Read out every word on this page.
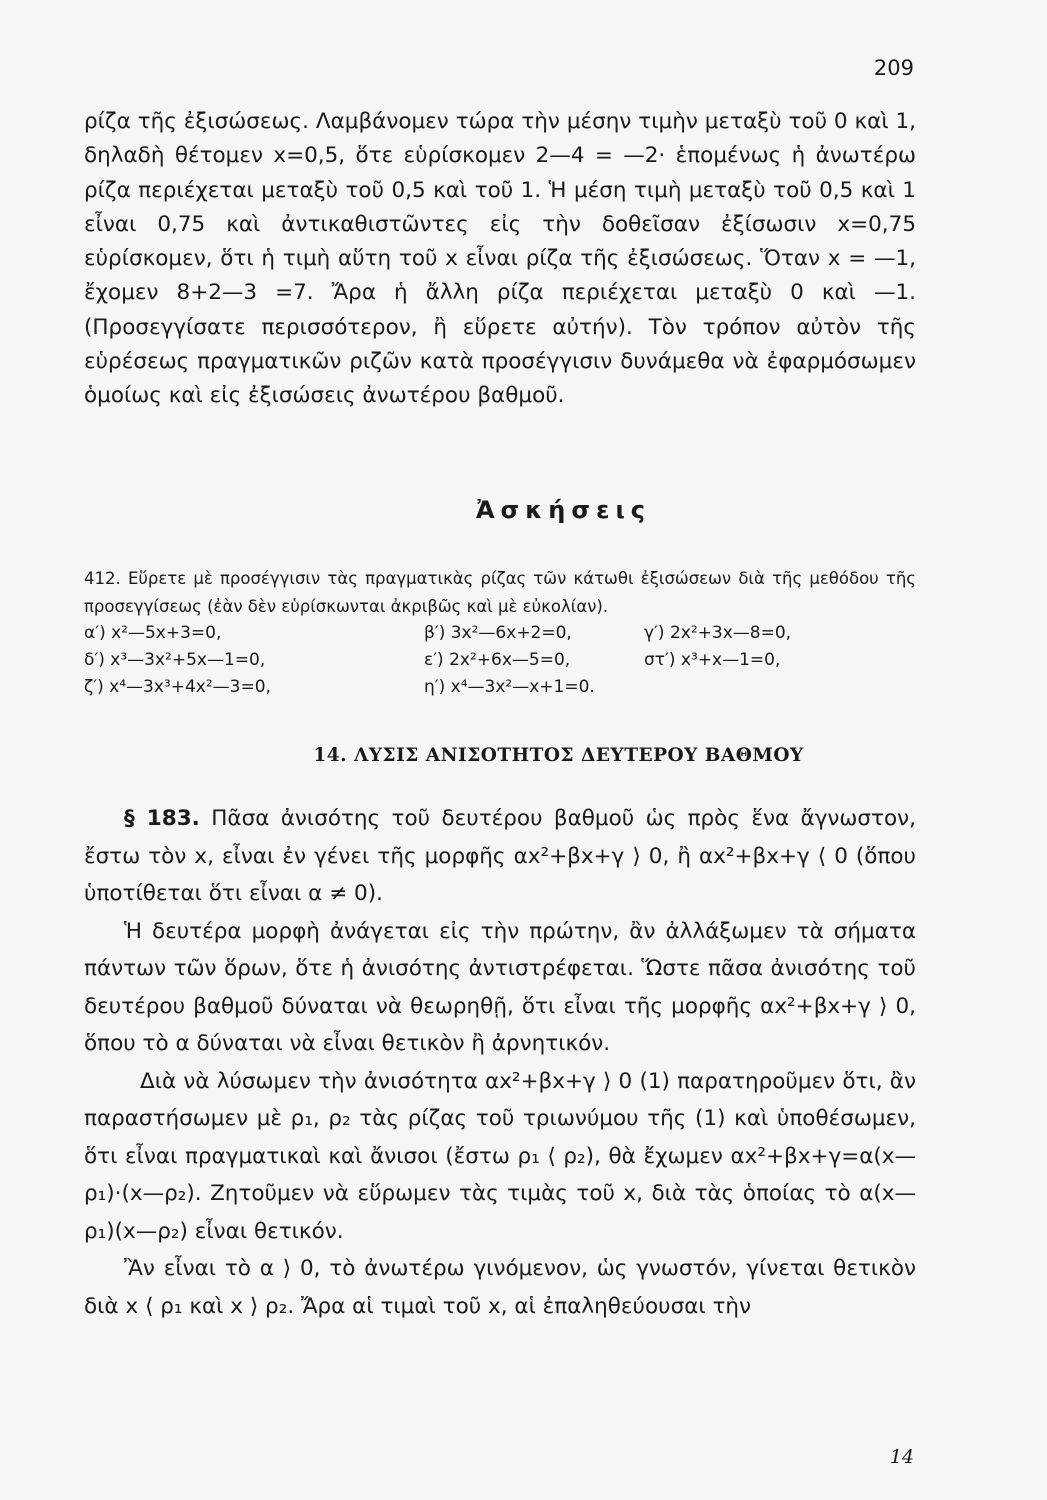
209

ρίζα τῆς ἐξισώσεως. Λαμβάνομεν τώρα τὴν μέσην τιμὴν μεταξὺ τοῦ 0 καὶ 1, δηλαδὴ θέτομεν x=0,5, ὅτε εὑρίσκομεν 2—4 = —2· ἑπομένως ἡ ἀνωτέρω ρίζα περιέχεται μεταξὺ τοῦ 0,5 καὶ τοῦ 1. Ἡ μέση τιμὴ μεταξὺ τοῦ 0,5 καὶ 1 εἶναι 0,75 καὶ ἀντικαθιστῶντες εἰς τὴν δοθεῖσαν ἐξίσωσιν x=0,75 εὑρίσκομεν, ὅτι ἡ τιμὴ αὕτη τοῦ x εἶναι ρίζα τῆς ἐξισώσεως. Ὅταν x = —1, ἔχομεν 8+2—3 =7. Ἄρα ἡ ἄλλη ρίζα περιέχεται μεταξὺ 0 καὶ —1. (Προσεγγίσατε περισσότερον, ἢ εὕρετε αὐτήν). Τὸν τρόπον αὐτὸν τῆς εὑρέσεως πραγματικῶν ριζῶν κατὰ προσέγγισιν δυνάμεθα νὰ ἐφαρμόσωμεν ὁμοίως καὶ εἰς ἐξισώσεις ἀνωτέρου βαθμοῦ.

Ἀσκήσεις

412. Εὕρετε μὲ προσέγγισιν τὰς πραγματικὰς ρίζας τῶν κάτωθι ἐξισώσεων διὰ τῆς μεθόδου τῆς προσεγγίσεως (ἐὰν δὲν εὑρίσκωνται ἀκριβῶς καὶ μὲ εὐκολίαν).

α′) x²—5x+3=0,	β′) 3x²—6x+2=0,	γ′) 2x²+3x—8=0,
δ′) x³—3x²+5x—1=0,	ε′) 2x²+6x—5=0,	στ′) x³+x—1=0,
ζ′) x⁴—3x³+4x²—3=0,	η′) x⁴—3x²—x+1=0.
14. ΛΥΣΙΣ ΑΝΙΣΟΤΗΤΟΣ ΔΕΥΤΕΡΟΥ ΒΑΘΜΟΥ

§ 183. Πᾶσα ἀνισότης τοῦ δευτέρου βαθμοῦ ὡς πρὸς ἕνα ἄγνωστον, ἔστω τὸν x, εἶναι ἐν γένει τῆς μορφῆς αx²+βx+γ ⟩ 0, ἢ αx²+βx+γ ⟨ 0 (ὅπου ὑποτίθεται ὅτι εἶναι α ≠ 0).

Ἡ δευτέρα μορφὴ ἀνάγεται εἰς τὴν πρώτην, ἂν ἀλλάξωμεν τὰ σήματα πάντων τῶν ὅρων, ὅτε ἡ ἀνισότης ἀντιστρέφεται. Ὥστε πᾶσα ἀνισότης τοῦ δευτέρου βαθμοῦ δύναται νὰ θεωρηθῇ, ὅτι εἶναι τῆς μορφῆς αx²+βx+γ ⟩ 0, ὅπου τὸ α δύναται νὰ εἶναι θετικὸν ἢ ἀρνητικόν.

Διὰ νὰ λύσωμεν τὴν ἀνισότητα αx²+βx+γ ⟩ 0 (1) παρατηροῦμεν ὅτι, ἂν παραστήσωμεν μὲ ρ₁, ρ₂ τὰς ρίζας τοῦ τριωνύμου τῆς (1) καὶ ὑποθέσωμεν, ὅτι εἶναι πραγματικαὶ καὶ ἄνισοι (ἔστω ρ₁ ⟨ ρ₂), θὰ ἔχωμεν αx²+βx+γ=α(x—ρ₁)·(x—ρ₂). Ζητοῦμεν νὰ εὕρωμεν τὰς τιμὰς τοῦ x, διὰ τὰς ὁποίας τὸ α(x—ρ₁)(x—ρ₂) εἶναι θετικόν.

Ἂν εἶναι τὸ α ⟩ 0, τὸ ἀνωτέρω γινόμενον, ὡς γνωστόν, γίνεται θετικὸν διὰ x ⟨ ρ₁ καὶ x ⟩ ρ₂. Ἄρα αἱ τιμαὶ τοῦ x, αἱ ἐπαληθεύουσαι τὴν

14
